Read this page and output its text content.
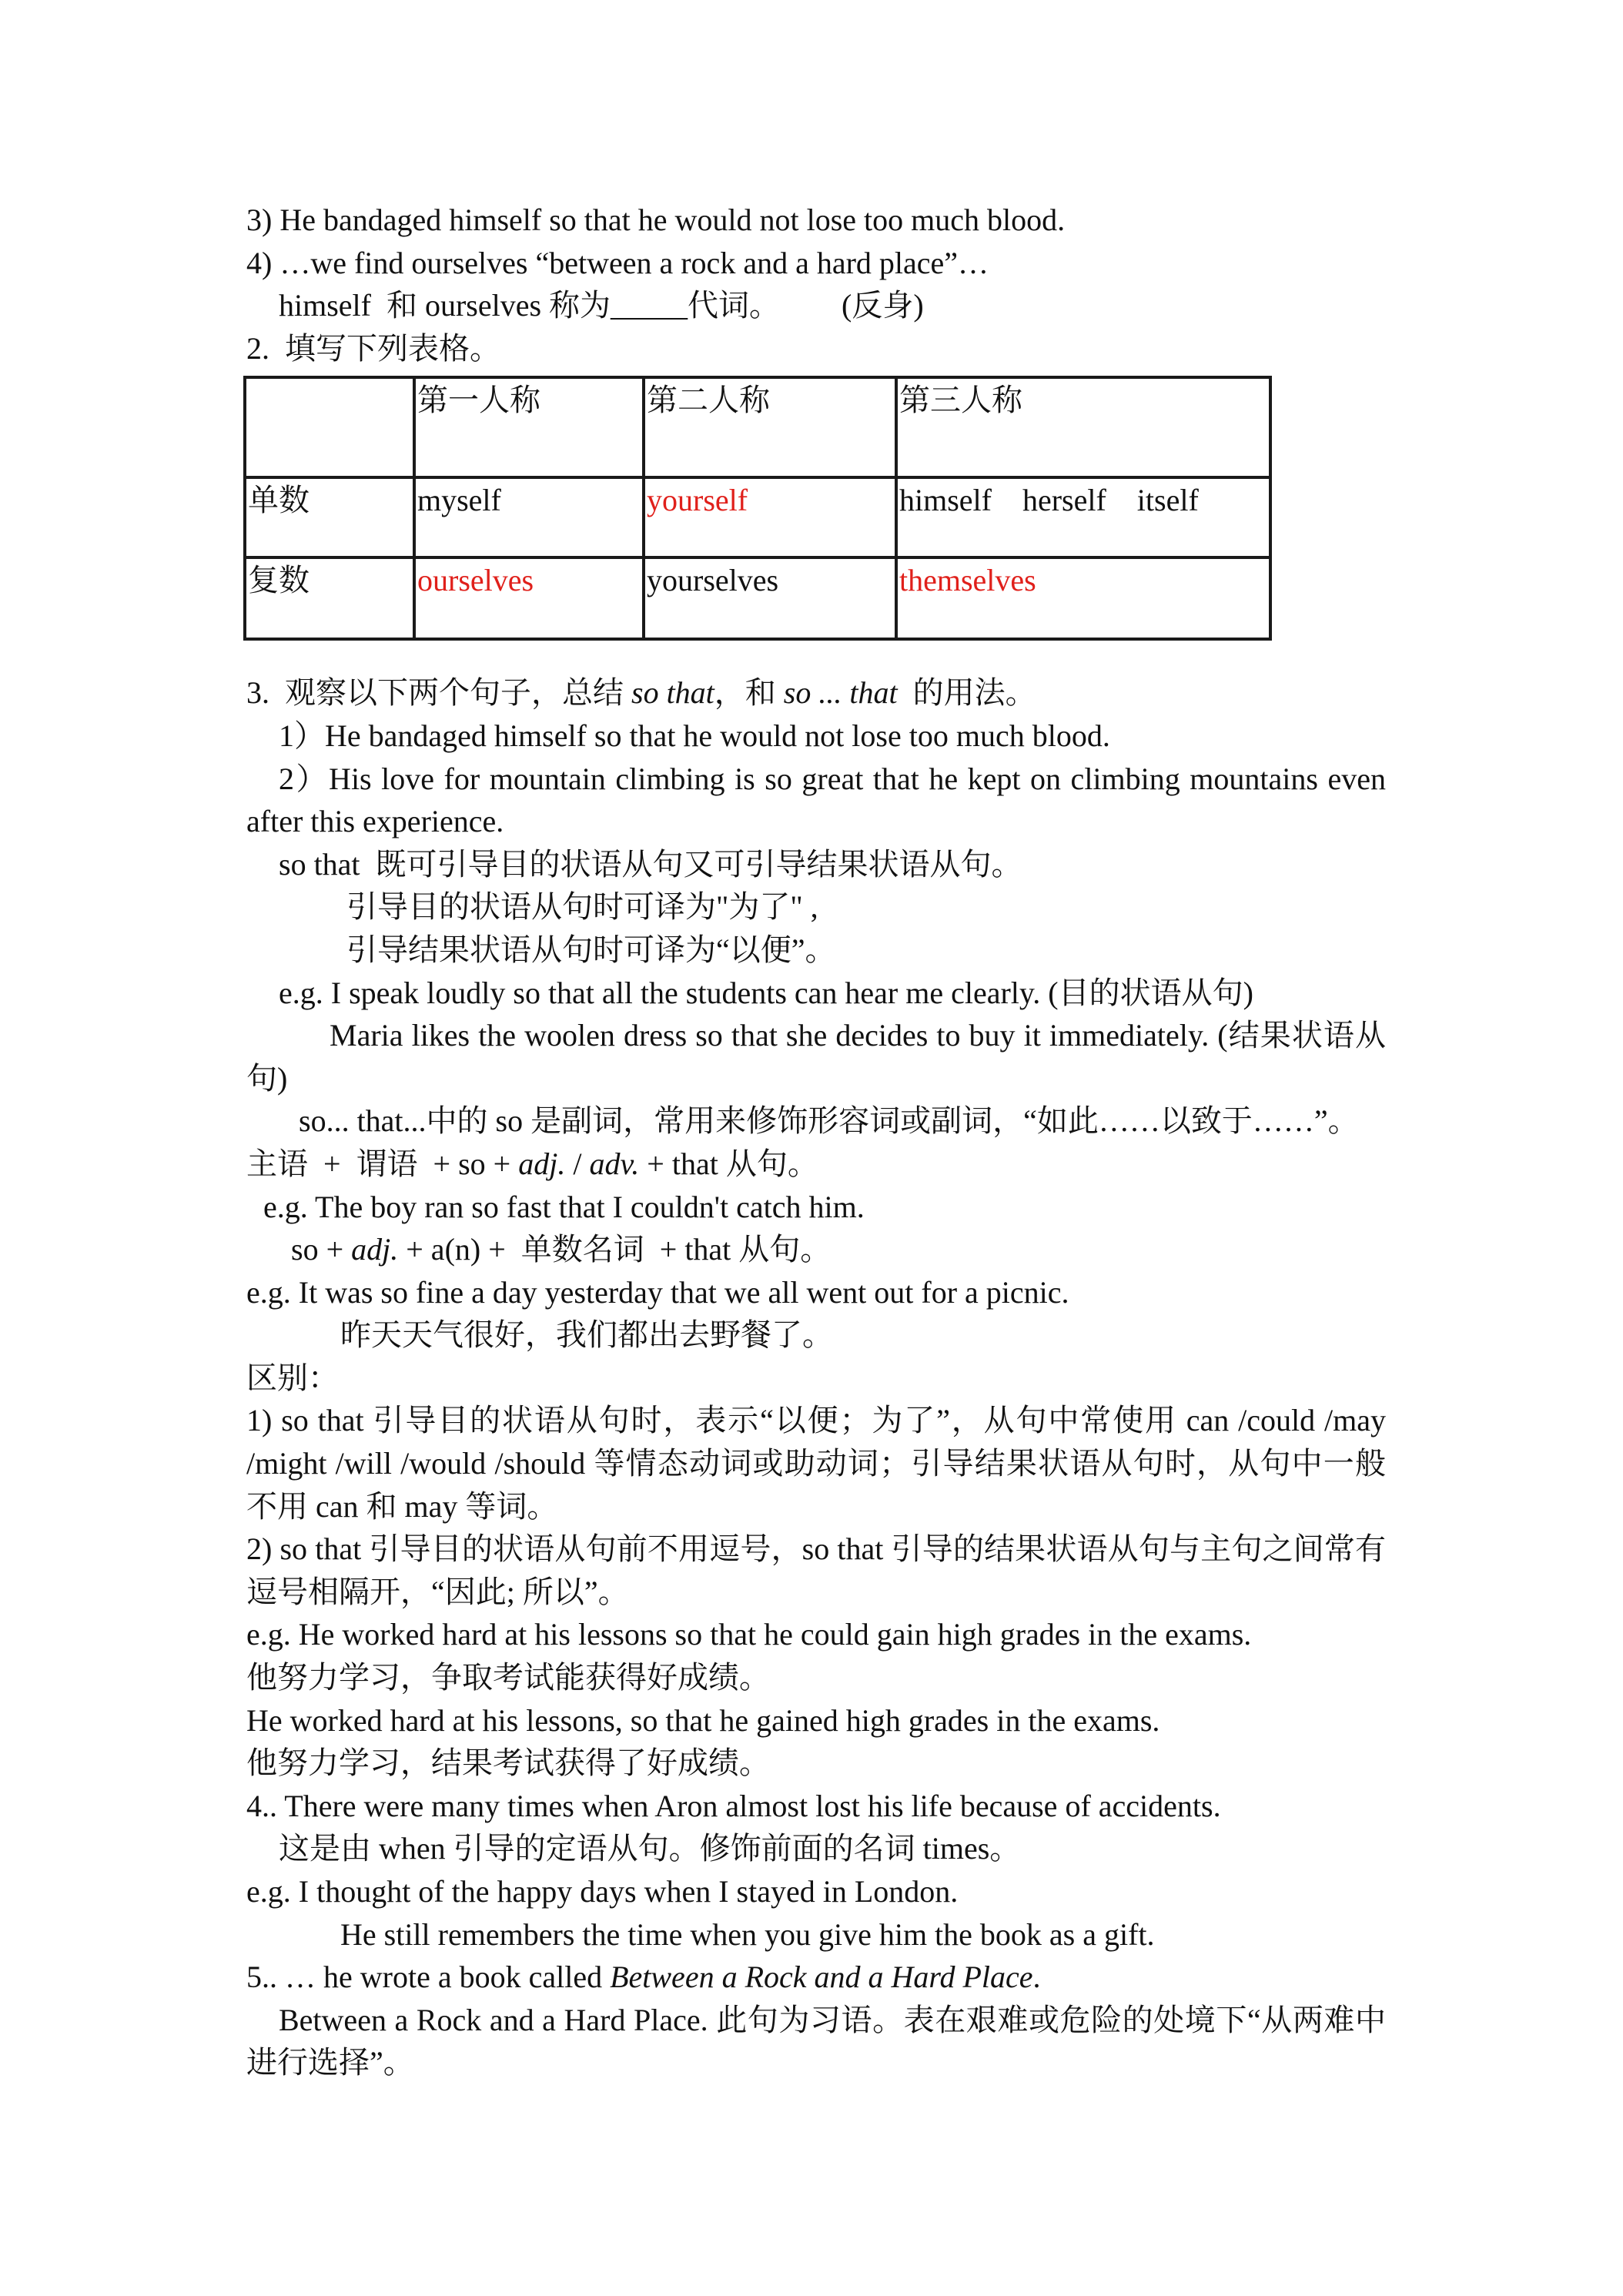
3) He bandaged himself so that he would not lose too much blood.
4) …we find ourselves “between a rock and a hard place”…
himself  和 ourselves 称为_____代词。        (反身)
2.  填写下列表格。
	第一人称	第二人称	第三人称
单数	myself	yourself	himself    herself    itself
复数	ourselves	yourselves	themselves
3.  观察以下两个句子，总结 so that，和 so ... that  的用法。
1）He bandaged himself so that he would not lose too much blood.
2）His love for mountain climbing is so great that he kept on climbing mountains even after this experience.
so that  既可引导目的状语从句又可引导结果状语从句。
引导目的状语从句时可译为"为了" ,
引导结果状语从句时可译为“以便”。
e.g. I speak loudly so that all the students can hear me clearly. (目的状语从句)
Maria likes the woolen dress so that she decides to buy it immediately. (结果状语从句)
so... that...中的 so 是副词，常用来修饰形容词或副词，“如此……以致于……”。
主语  +  谓语  + so + adj. / adv. + that 从句。
e.g. The boy ran so fast that I couldn't catch him.
so + adj. + a(n) +  单数名词  + that 从句。
e.g. It was so fine a day yesterday that we all went out for a picnic.
昨天天气很好，我们都出去野餐了。
区别：
1) so that 引导目的状语从句时，表示“以便；为了”，从句中常使用 can /could /may /might /will /would /should 等情态动词或助动词；引导结果状语从句时，从句中一般不用 can 和 may 等词。
2) so that 引导目的状语从句前不用逗号，so that 引导的结果状语从句与主句之间常有逗号相隔开，“因此; 所以”。
e.g. He worked hard at his lessons so that he could gain high grades in the exams.
他努力学习，争取考试能获得好成绩。
He worked hard at his lessons, so that he gained high grades in the exams.
他努力学习，结果考试获得了好成绩。
4.. There were many times when Aron almost lost his life because of accidents.
这是由 when 引导的定语从句。修饰前面的名词 times。
e.g. I thought of the happy days when I stayed in London.
He still remembers the time when you give him the book as a gift.
5.. … he wrote a book called Between a Rock and a Hard Place.
Between a Rock and a Hard Place. 此句为习语。表在艰难或危险的处境下“从两难中进行选择”。
